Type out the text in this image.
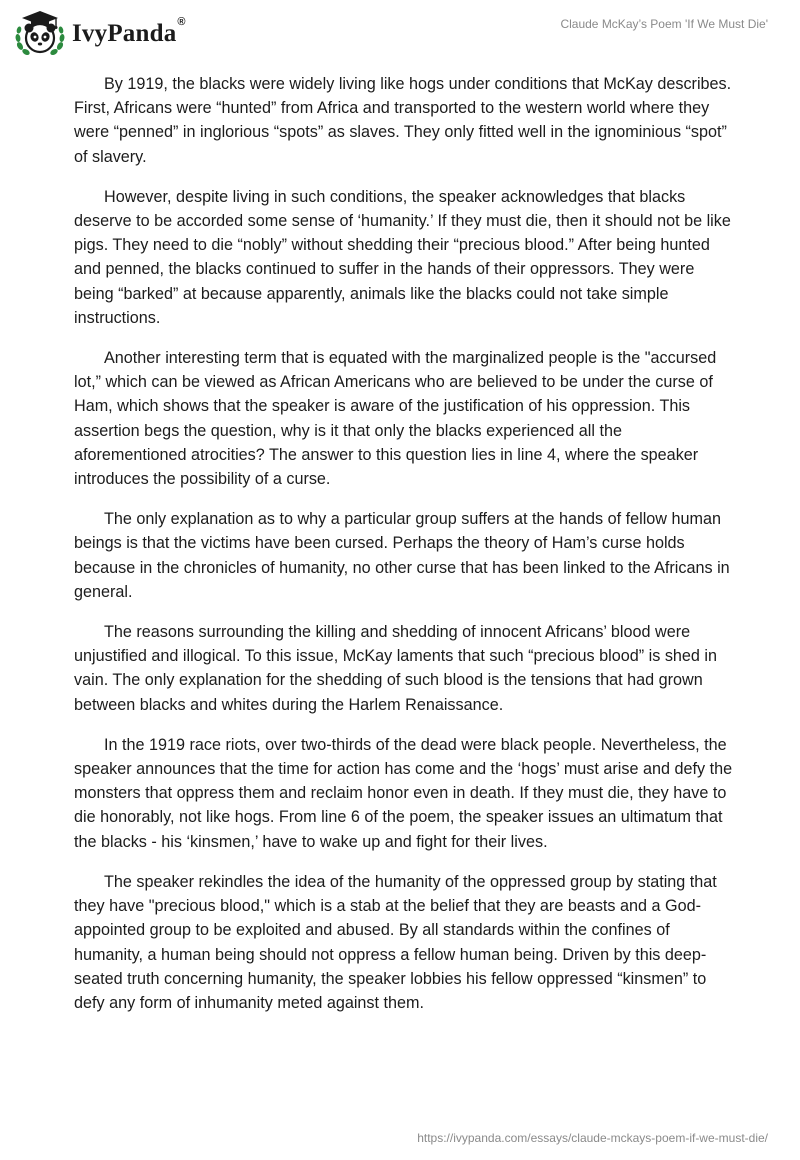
IvyPanda®	Claude McKay’s Poem 'If We Must Die'

By 1919, the blacks were widely living like hogs under conditions that McKay describes. First, Africans were “hunted” from Africa and transported to the western world where they were “penned” in inglorious “spots” as slaves. They only fitted well in the ignominious “spot” of slavery.

However, despite living in such conditions, the speaker acknowledges that blacks deserve to be accorded some sense of ‘humanity.’ If they must die, then it should not be like pigs. They need to die “nobly” without shedding their “precious blood.” After being hunted and penned, the blacks continued to suffer in the hands of their oppressors. They were being “barked” at because apparently, animals like the blacks could not take simple instructions.

Another interesting term that is equated with the marginalized people is the "accursed lot,” which can be viewed as African Americans who are believed to be under the curse of Ham, which shows that the speaker is aware of the justification of his oppression. This assertion begs the question, why is it that only the blacks experienced all the aforementioned atrocities? The answer to this question lies in line 4, where the speaker introduces the possibility of a curse.

The only explanation as to why a particular group suffers at the hands of fellow human beings is that the victims have been cursed. Perhaps the theory of Ham’s curse holds because in the chronicles of humanity, no other curse that has been linked to the Africans in general.

The reasons surrounding the killing and shedding of innocent Africans’ blood were unjustified and illogical. To this issue, McKay laments that such “precious blood” is shed in vain. The only explanation for the shedding of such blood is the tensions that had grown between blacks and whites during the Harlem Renaissance.

In the 1919 race riots, over two-thirds of the dead were black people. Nevertheless, the speaker announces that the time for action has come and the ‘hogs’ must arise and defy the monsters that oppress them and reclaim honor even in death. If they must die, they have to die honorably, not like hogs. From line 6 of the poem, the speaker issues an ultimatum that the blacks - his ‘kinsmen,’ have to wake up and fight for their lives.

The speaker rekindles the idea of the humanity of the oppressed group by stating that they have "precious blood," which is a stab at the belief that they are beasts and a God-appointed group to be exploited and abused. By all standards within the confines of humanity, a human being should not oppress a fellow human being. Driven by this deep-seated truth concerning humanity, the speaker lobbies his fellow oppressed “kinsmen” to defy any form of inhumanity meted against them.

https://ivypanda.com/essays/claude-mckays-poem-if-we-must-die/
